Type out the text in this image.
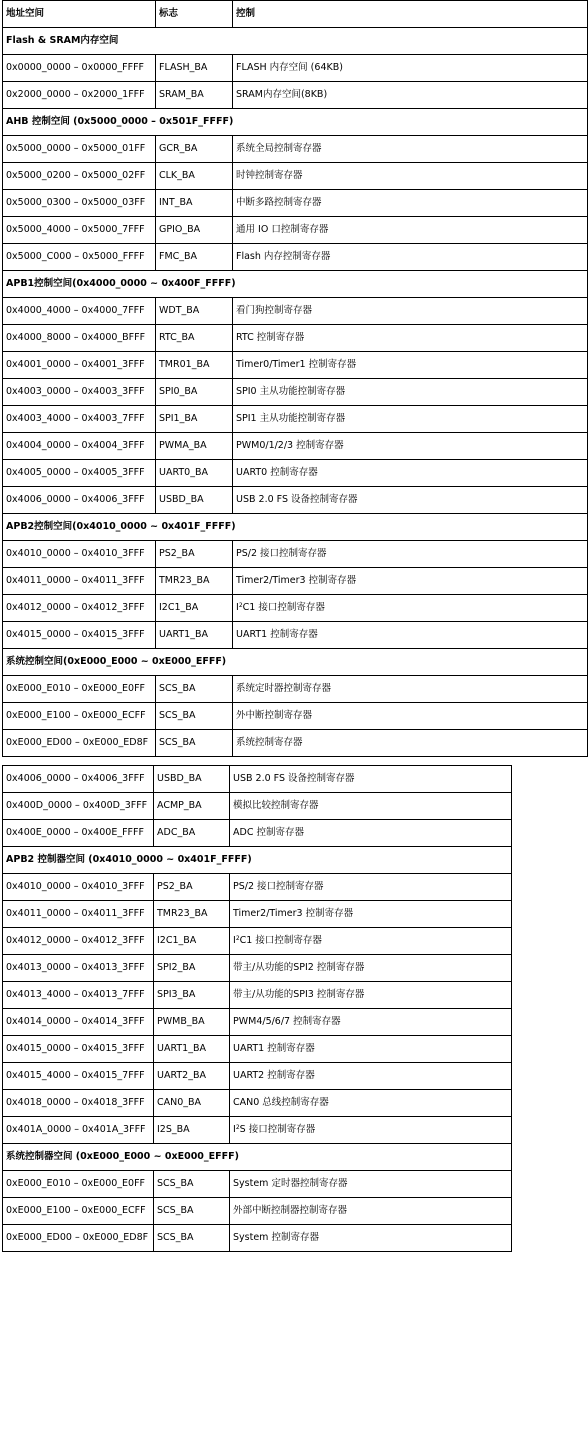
地址空间	标志	控制
Flash & SRAM内存空间		
0x0000_0000 – 0x0000_FFFF	FLASH_BA	FLASH 内存空间 (64KB)
0x2000_0000 – 0x2000_1FFF	SRAM_BA	SRAM内存空间(8KB)
AHB 控制空间 (0x5000_0000 – 0x501F_FFFF)		
0x5000_0000 – 0x5000_01FF	GCR_BA	系统全局控制寄存器
0x5000_0200 – 0x5000_02FF	CLK_BA	时钟控制寄存器
0x5000_0300 – 0x5000_03FF	INT_BA	中断多路控制寄存器
0x5000_4000 – 0x5000_7FFF	GPIO_BA	通用 IO 口控制寄存器
0x5000_C000 – 0x5000_FFFF	FMC_BA	Flash 内存控制寄存器
APB1控制空间(0x4000_0000 ~ 0x400F_FFFF)		
0x4000_4000 – 0x4000_7FFF	WDT_BA	看门狗控制寄存器
0x4000_8000 – 0x4000_BFFF	RTC_BA	RTC 控制寄存器
0x4001_0000 – 0x4001_3FFF	TMR01_BA	Timer0/Timer1 控制寄存器
0x4003_0000 – 0x4003_3FFF	SPI0_BA	SPI0 主从功能控制寄存器
0x4003_4000 – 0x4003_7FFF	SPI1_BA	SPI1 主从功能控制寄存器
0x4004_0000 – 0x4004_3FFF	PWMA_BA	PWM0/1/2/3 控制寄存器
0x4005_0000 – 0x4005_3FFF	UART0_BA	UART0 控制寄存器
0x4006_0000 – 0x4006_3FFF	USBD_BA	USB 2.0 FS 设备控制寄存器
APB2控制空间(0x4010_0000 ~ 0x401F_FFFF)		
0x4010_0000 – 0x4010_3FFF	PS2_BA	PS/2 接口控制寄存器
0x4011_0000 – 0x4011_3FFF	TMR23_BA	Timer2/Timer3 控制寄存器
0x4012_0000 – 0x4012_3FFF	I2C1_BA	$I^2C1$ 接口控制寄存器
0x4015_0000 – 0x4015_3FFF	UART1_BA	UART1 控制寄存器
系统控制空间(0xE000_E000 ~ 0xE000_EFFF)		
0xE000_E010 – 0xE000_E0FF	SCS_BA	系统定时器控制寄存器
0xE000_E100 – 0xE000_ECFF	SCS_BA	外中断控制寄存器
0xE000_ED00 – 0xE000_ED8F	SCS_BA	系统控制寄存器
0x4006_0000 – 0x4006_3FFF	USBD_BA	USB 2.0 FS 设备控制寄存器
0x400D_0000 – 0x400D_3FFF	ACMP_BA	模拟比较控制寄存器
0x400E_0000 – 0x400E_FFFF	ADC_BA	ADC 控制寄存器
APB2 控制器空间 (0x4010_0000 ~ 0x401F_FFFF)		
0x4010_0000 – 0x4010_3FFF	PS2_BA	PS/2 接口控制寄存器
0x4011_0000 – 0x4011_3FFF	TMR23_BA	Timer2/Timer3 控制寄存器
0x4012_0000 – 0x4012_3FFF	I2C1_BA	$I^2C1$ 接口控制寄存器
0x4013_0000 – 0x4013_3FFF	SPI2_BA	带主/从功能的SPI2 控制寄存器
0x4013_4000 – 0x4013_7FFF	SPI3_BA	带主/从功能的SPI3 控制寄存器
0x4014_0000 – 0x4014_3FFF	PWMB_BA	PWM4/5/6/7 控制寄存器
0x4015_0000 – 0x4015_3FFF	UART1_BA	UART1 控制寄存器
0x4015_4000 – 0x4015_7FFF	UART2_BA	UART2 控制寄存器
0x4018_0000 – 0x4018_3FFF	CAN0_BA	CAN0 总线控制寄存器
0x401A_0000 – 0x401A_3FFF	I2S_BA	$I^2S$ 接口控制寄存器
系统控制器空间 (0xE000_E000 ~ 0xE000_EFFF)		
0xE000_E010 – 0xE000_E0FF	SCS_BA	System 定时器控制寄存器
0xE000_E100 – 0xE000_ECFF	SCS_BA	外部中断控制器控制寄存器
0xE000_ED00 – 0xE000_ED8F	SCS_BA	System 控制寄存器
